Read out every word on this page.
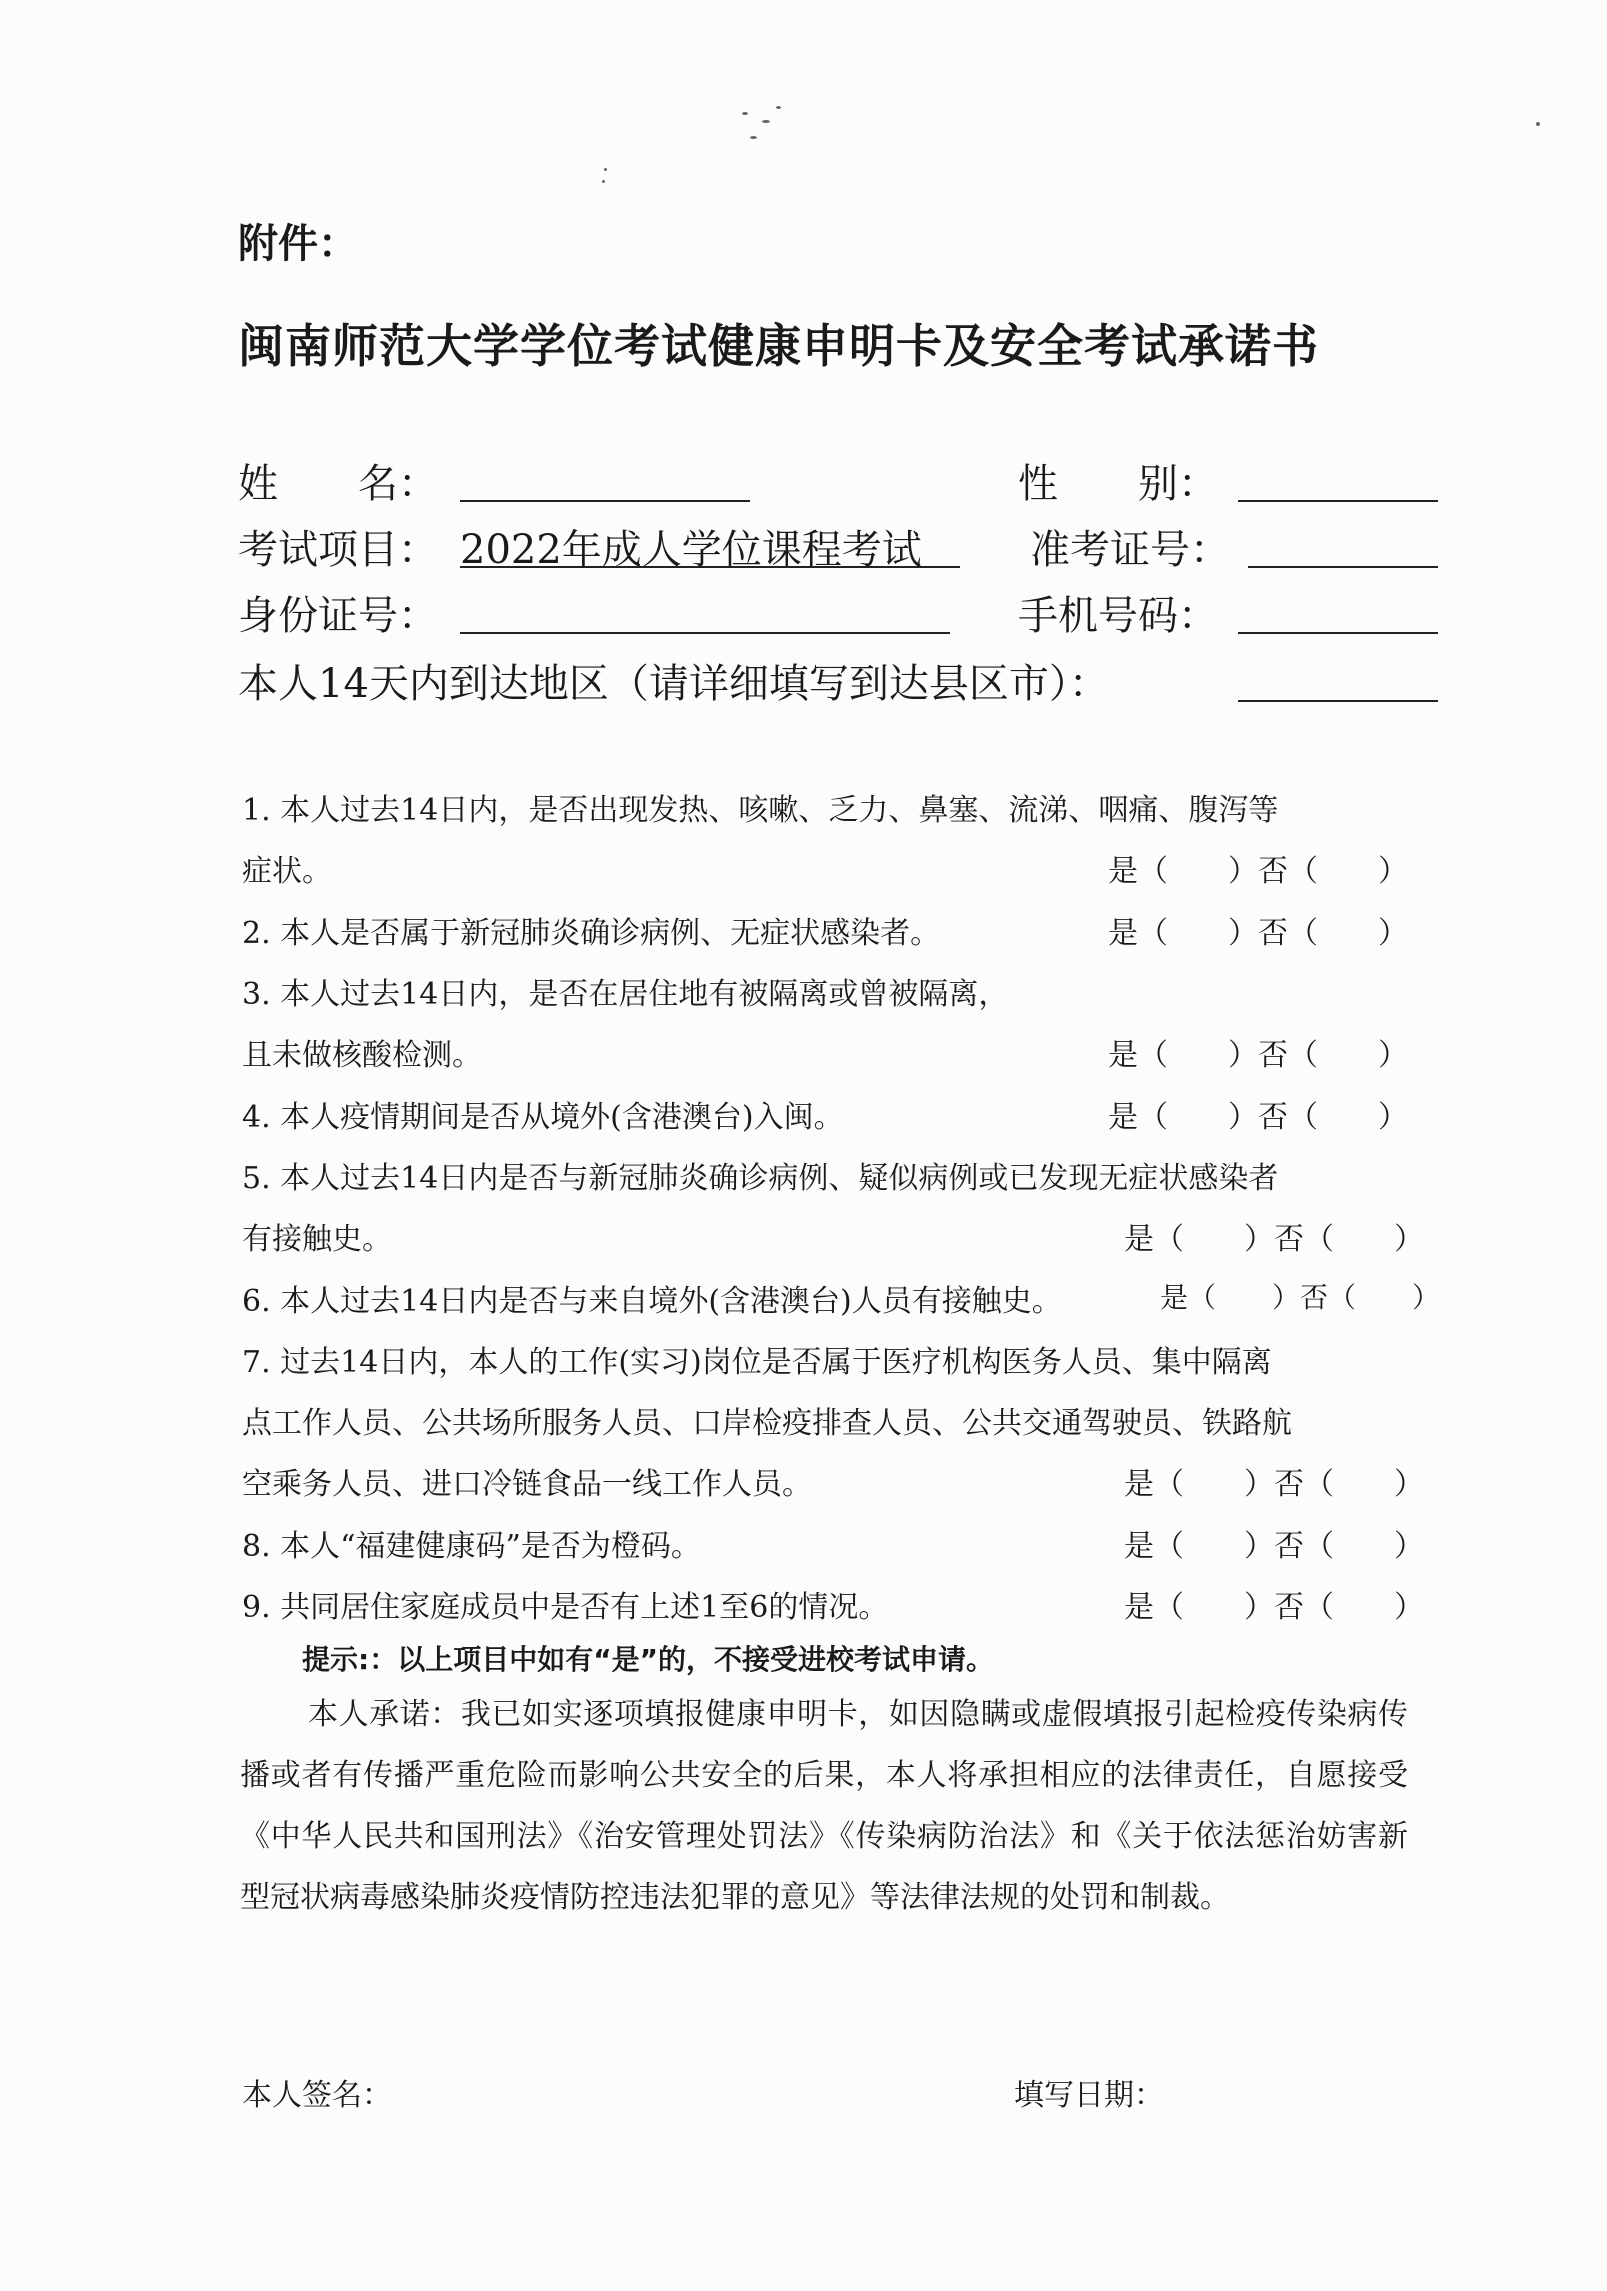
附件：
闽南师范大学学位考试健康申明卡及安全考试承诺书
姓　　名：	性　　别：
考试项目： 2022年成人学位课程考试	准考证号：
身份证号：	手机号码：
本人14天内到达地区（请详细填写到达县区市）：
1. 本人过去14日内，是否出现发热、咳嗽、乏力、鼻塞、流涕、咽痛、腹泻等
症状。	是（　　）否（　　）
2. 本人是否属于新冠肺炎确诊病例、无症状感染者。	是（　　）否（　　）
3. 本人过去14日内，是否在居住地有被隔离或曾被隔离，
且未做核酸检测。	是（　　）否（　　）
4. 本人疫情期间是否从境外(含港澳台)入闽。	是（　　）否（　　）
5. 本人过去14日内是否与新冠肺炎确诊病例、疑似病例或已发现无症状感染者
有接触史。	是（　　）否（　　）
6. 本人过去14日内是否与来自境外(含港澳台)人员有接触史。	是（　　）否（　　）
7. 过去14日内，本人的工作(实习)岗位是否属于医疗机构医务人员、集中隔离
点工作人员、公共场所服务人员、口岸检疫排查人员、公共交通驾驶员、铁路航
空乘务人员、进口冷链食品一线工作人员。	是（　　）否（　　）
8. 本人“福建健康码”是否为橙码。	是（　　）否（　　）
9. 共同居住家庭成员中是否有上述1至6的情况。	是（　　）否（　　）
提示:：以上项目中如有“是”的，不接受进校考试申请。

本人承诺：我已如实逐项填报健康申明卡，如因隐瞒或虚假填报引起检疫传染病传播或者有传播严重危险而影响公共安全的后果，本人将承担相应的法律责任，自愿接受《中华人民共和国刑法》《治安管理处罚法》《传染病防治法》和《关于依法惩治妨害新型冠状病毒感染肺炎疫情防控违法犯罪的意见》等法律法规的处罚和制裁。

本人签名：	填写日期：
